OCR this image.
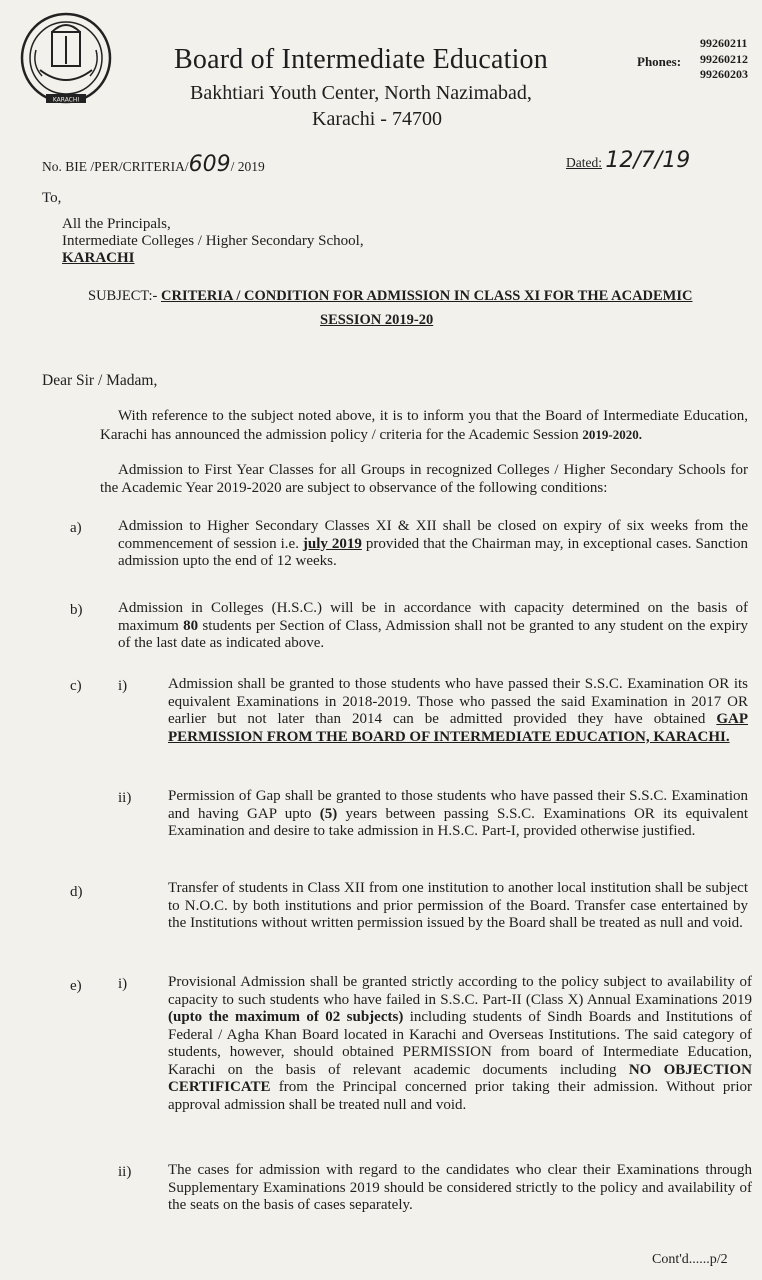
KARACHI
Board of Intermediate Education
Bakhtiari Youth Center, North Nazimabad,
Karachi - 74700
Phones:
99260211
99260212
99260203
No. BIE /PER/CRITERIA/609/ 2019	Dated: 12/7/19
To,
All the Principals,
Intermediate Colleges / Higher Secondary School,
KARACHI
SUBJECT:- CRITERIA / CONDITION FOR ADMISSION IN CLASS XI FOR THE ACADEMIC
SESSION 2019-20
Dear Sir / Madam,
With reference to the subject noted above, it is to inform you that the Board of Intermediate Education, Karachi has announced the admission policy / criteria for the Academic Session 2019-2020.
Admission to First Year Classes for all Groups in recognized Colleges / Higher Secondary Schools for the Academic Year 2019-2020 are subject to observance of the following conditions:
a) Admission to Higher Secondary Classes XI & XII shall be closed on expiry of six weeks from the commencement of session i.e. july 2019 provided that the Chairman may, in exceptional cases. Sanction admission upto the end of 12 weeks.
b) Admission in Colleges (H.S.C.) will be in accordance with capacity determined on the basis of maximum 80 students per Section of Class, Admission shall not be granted to any student on the expiry of the last date as indicated above.
c) i)	Admission shall be granted to those students who have passed their S.S.C. Examination OR its equivalent Examinations in 2018-2019. Those who passed the said Examination in 2017 OR earlier but not later than 2014 can be admitted provided they have obtained GAP PERMISSION FROM THE BOARD OF INTERMEDIATE EDUCATION, KARACHI.
ii) Permission of Gap shall be granted to those students who have passed their S.S.C. Examination and having GAP upto (5) years between passing S.S.C. Examinations OR its equivalent Examination and desire to take admission in H.S.C. Part-I, provided otherwise justified.
d)	Transfer of students in Class XII from one institution to another local institution shall be subject to N.O.C. by both institutions and prior permission of the Board. Transfer case entertained by the Institutions without written permission issued by the Board shall be treated as null and void.
e) i)	Provisional Admission shall be granted strictly according to the policy subject to availability of capacity to such students who have failed in S.S.C. Part-II (Class X) Annual Examinations 2019 (upto the maximum of 02 subjects) including students of Sindh Boards and Institutions of Federal / Agha Khan Board located in Karachi and Overseas Institutions. The said category of students, however, should obtained PERMISSION from board of Intermediate Education, Karachi on the basis of relevant academic documents including NO OBJECTION CERTIFICATE from the Principal concerned prior taking their admission. Without prior approval admission shall be treated null and void.
ii) The cases for admission with regard to the candidates who clear their Examinations through Supplementary Examinations 2019 should be considered strictly to the policy and availability of the seats on the basis of cases separately.
Cont'd......p/2
